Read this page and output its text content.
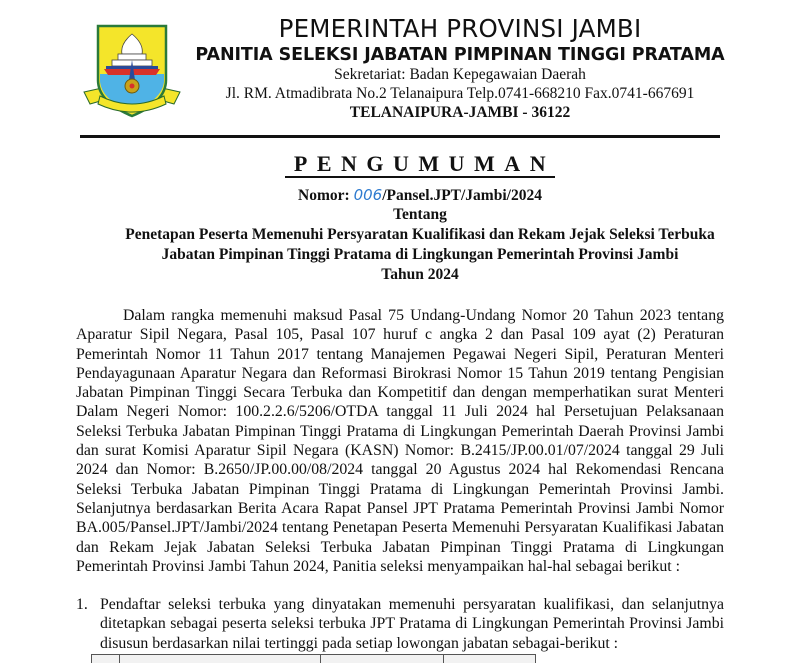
PEMERINTAH PROVINSI JAMBI
PANITIA SELEKSI JABATAN PIMPINAN TINGGI PRATAMA
Sekretariat: Badan Kepegawaian Daerah
Jl. RM. Atmadibrata No.2 Telanaipura Telp.0741-668210 Fax.0741-667691
TELANAIPURA-JAMBI - 36122
PENGUMUMAN
Nomor: 006/Pansel.JPT/Jambi/2024
Tentang
Penetapan Peserta Memenuhi Persyaratan Kualifikasi dan Rekam Jejak Seleksi Terbuka
Jabatan Pimpinan Tinggi Pratama di Lingkungan Pemerintah Provinsi Jambi
Tahun 2024

Dalam rangka memenuhi maksud Pasal 75 Undang-Undang Nomor 20 Tahun 2023 tentang Aparatur Sipil Negara, Pasal 105, Pasal 107 huruf c angka 2 dan Pasal 109 ayat (2) Peraturan Pemerintah Nomor 11 Tahun 2017 tentang Manajemen Pegawai Negeri Sipil, Peraturan Menteri Pendayagunaan Aparatur Negara dan Reformasi Birokrasi Nomor 15 Tahun 2019 tentang Pengisian Jabatan Pimpinan Tinggi Secara Terbuka dan Kompetitif dan dengan memperhatikan surat Menteri Dalam Negeri Nomor: 100.2.2.6/5206/OTDA tanggal 11 Juli 2024 hal Persetujuan Pelaksanaan Seleksi Terbuka Jabatan Pimpinan Tinggi Pratama di Lingkungan Pemerintah Daerah Provinsi Jambi dan surat Komisi Aparatur Sipil Negara (KASN) Nomor: B.2415/JP.00.01/07/2024 tanggal 29 Juli 2024 dan Nomor: B.2650/JP.00.00/08/2024 tanggal 20 Agustus 2024 hal Rekomendasi Rencana Seleksi Terbuka Jabatan Pimpinan Tinggi Pratama di Lingkungan Pemerintah Provinsi Jambi. Selanjutnya berdasarkan Berita Acara Rapat Pansel JPT Pratama Pemerintah Provinsi Jambi Nomor BA.005/Pansel.JPT/Jambi/2024 tentang Penetapan Peserta Memenuhi Persyaratan Kualifikasi Jabatan dan Rekam Jejak Jabatan Seleksi Terbuka Jabatan Pimpinan Tinggi Pratama di Lingkungan Pemerintah Provinsi Jambi Tahun 2024, Panitia seleksi menyampaikan hal-hal sebagai berikut :

1. Pendaftar seleksi terbuka yang dinyatakan memenuhi persyaratan kualifikasi, dan selanjutnya ditetapkan sebagai peserta seleksi terbuka JPT Pratama di Lingkungan Pemerintah Provinsi Jambi disusun berdasarkan nilai tertinggi pada setiap lowongan jabatan sebagai-berikut :
